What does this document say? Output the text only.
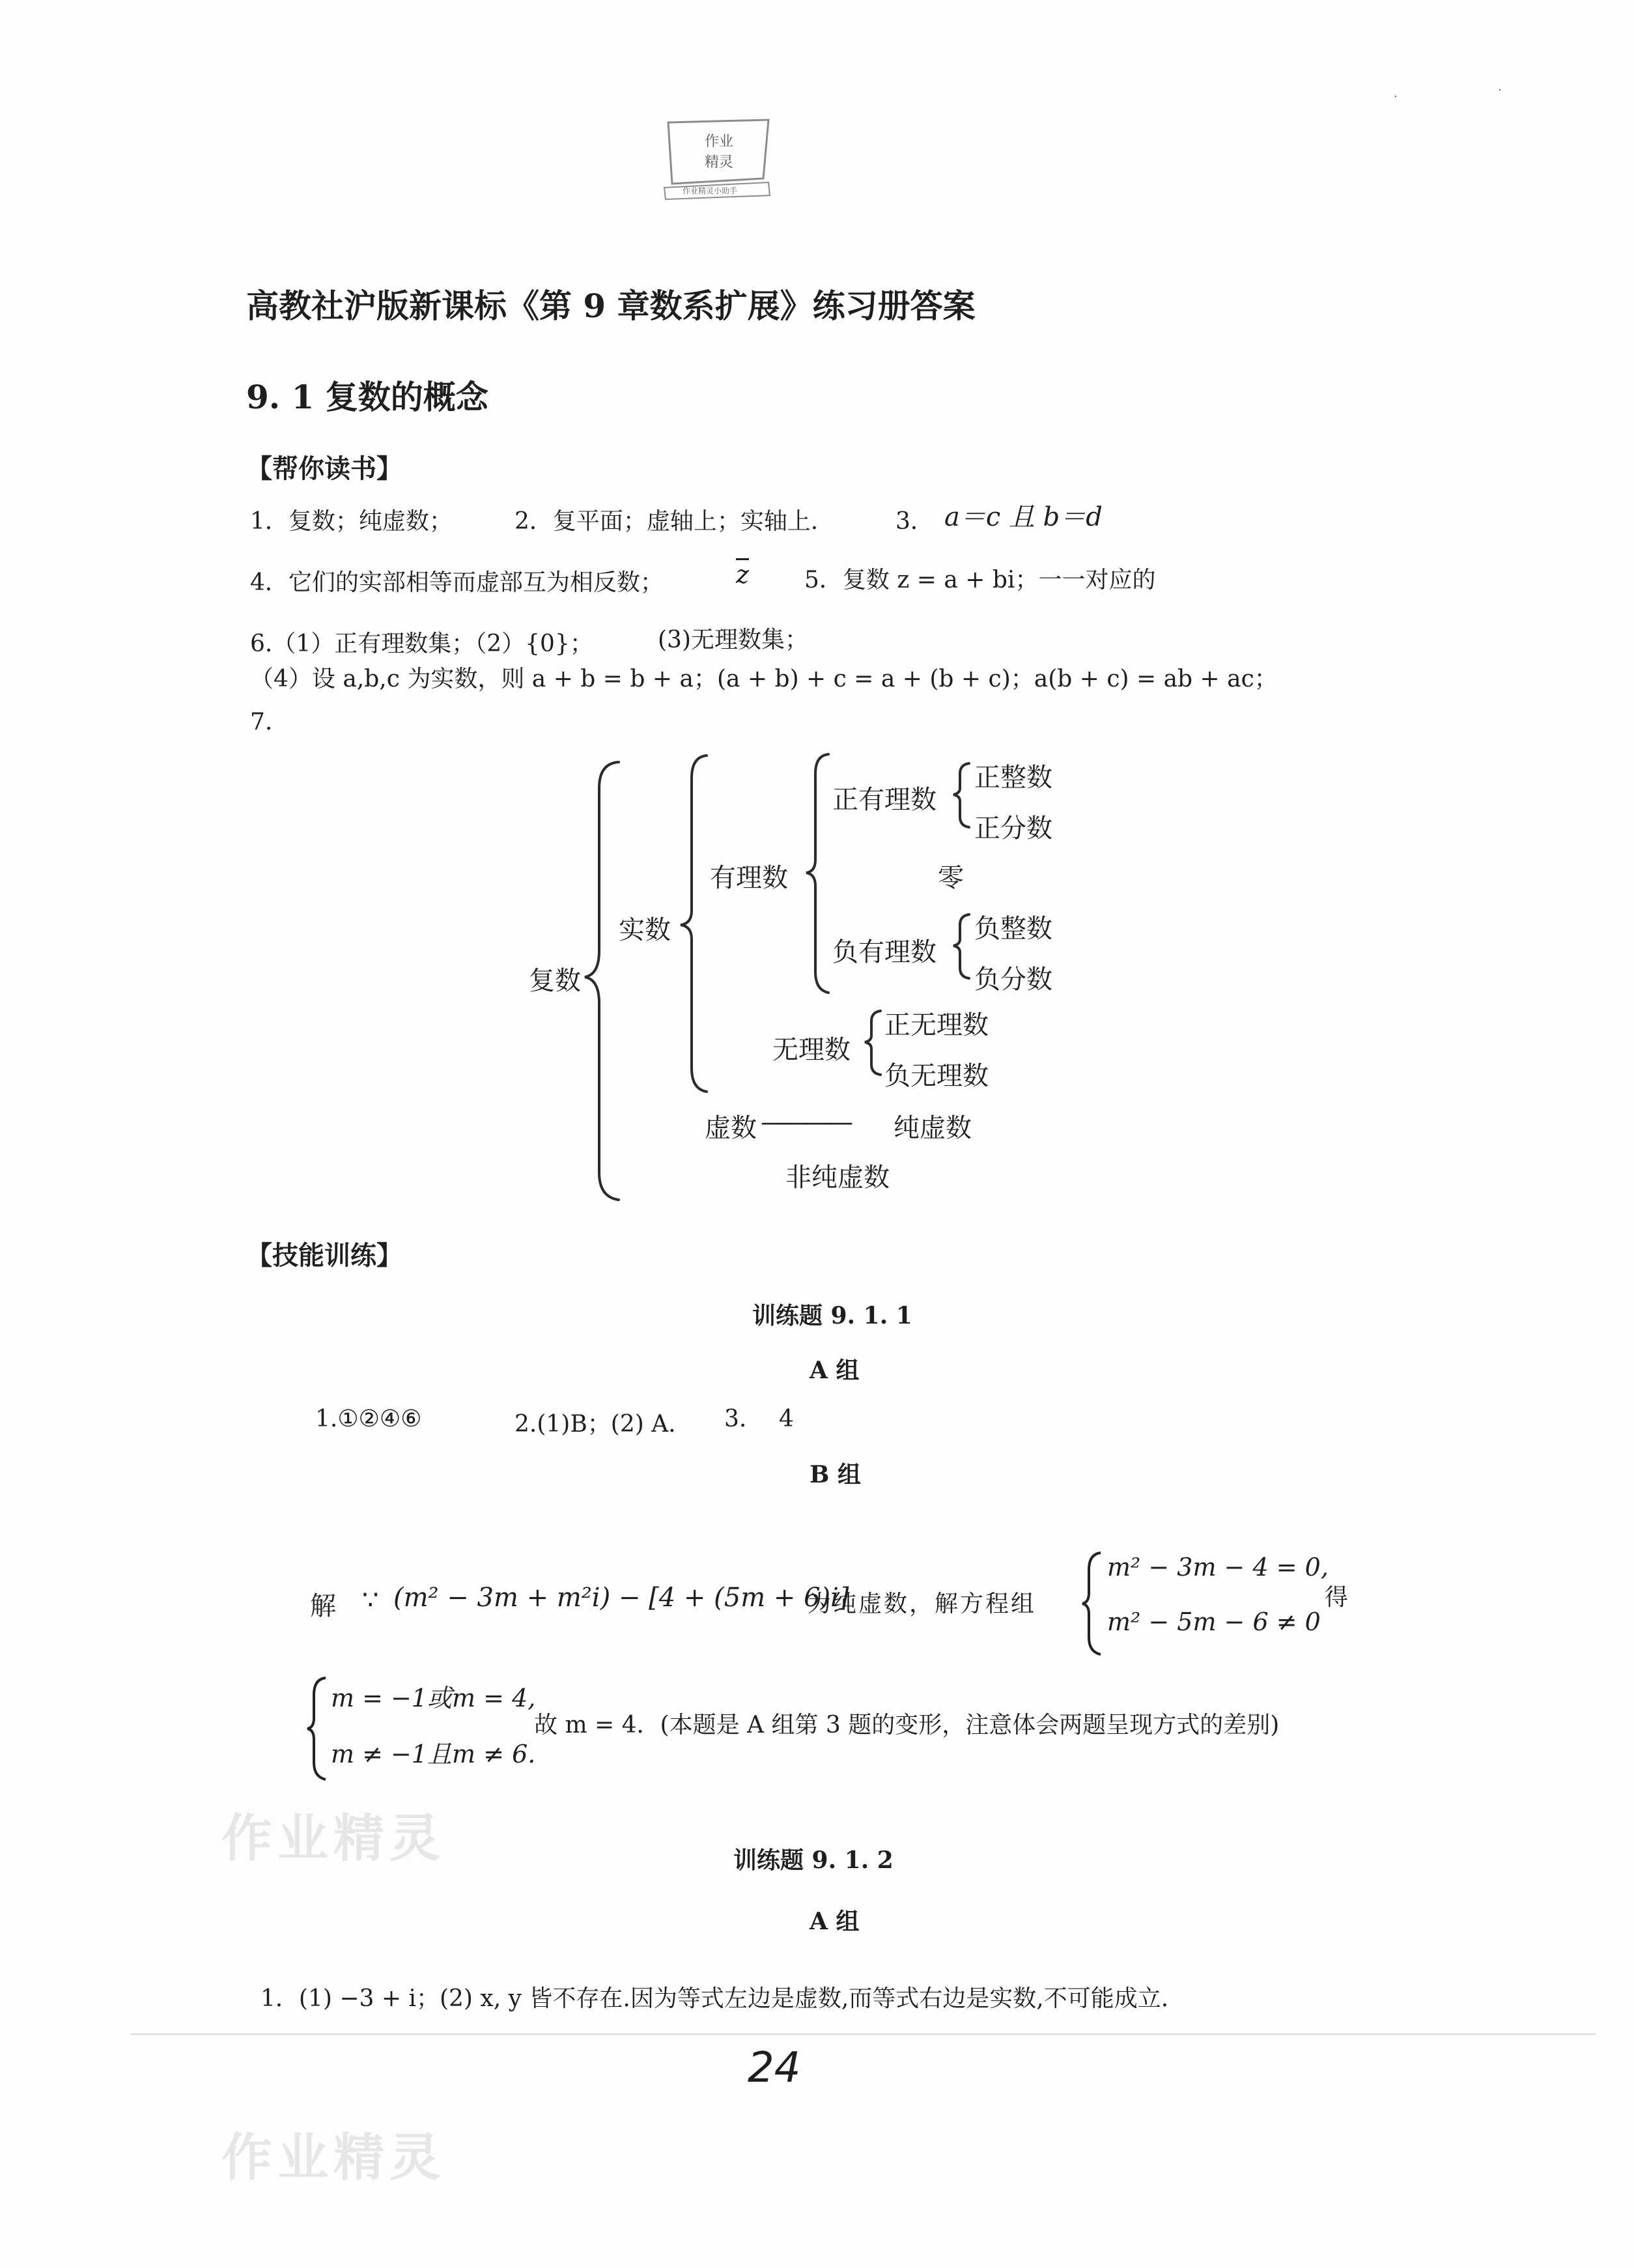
作业
精灵
作业精灵小助手
·	·
高教社沪版新课标《第 9 章数系扩展》练习册答案
9. 1 复数的概念
【帮你读书】
1．复数；纯虚数；	2．复平面；虚轴上；实轴上．	3． a＝c 且 b＝d
4．它们的实部相等而虚部互为相反数；	$\overline{z}$ 5．复数 z = a + bi；一一对应的
6.（1）正有理数集；（2）{0}；	(3)无理数集；
（4）设 a,b,c 为实数，则 a + b = b + a；(a + b) + c = a + (b + c)；a(b + c) = ab + ac；
7.
复数
实数
有理数
正有理数
正整数
正分数
零
负有理数
负整数
负分数
无理数
正无理数
负无理数
虚数 ———— 纯虚数
非纯虚数
【技能训练】
训练题 9. 1. 1
A 组
1.①②④⑥	2.(1)B；(2) A． 3. 4
B 组
解 ∵ (m² − 3m + m²i) − [4 + (5m + 6)i]
为纯虚数，解方程组
m² − 3m − 4 = 0,
m² − 5m − 6 ≠ 0
得
m = −1或m = 4,
m ≠ −1且m ≠ 6.
故 m = 4．(本题是 A 组第 3 题的变形，注意体会两题呈现方式的差别)
作业精灵	训练题 9. 1. 2
A 组
1．(1) −3 + i；(2) x, y 皆不存在.因为等式左边是虚数,而等式右边是实数,不可能成立.
24
作业精灵
